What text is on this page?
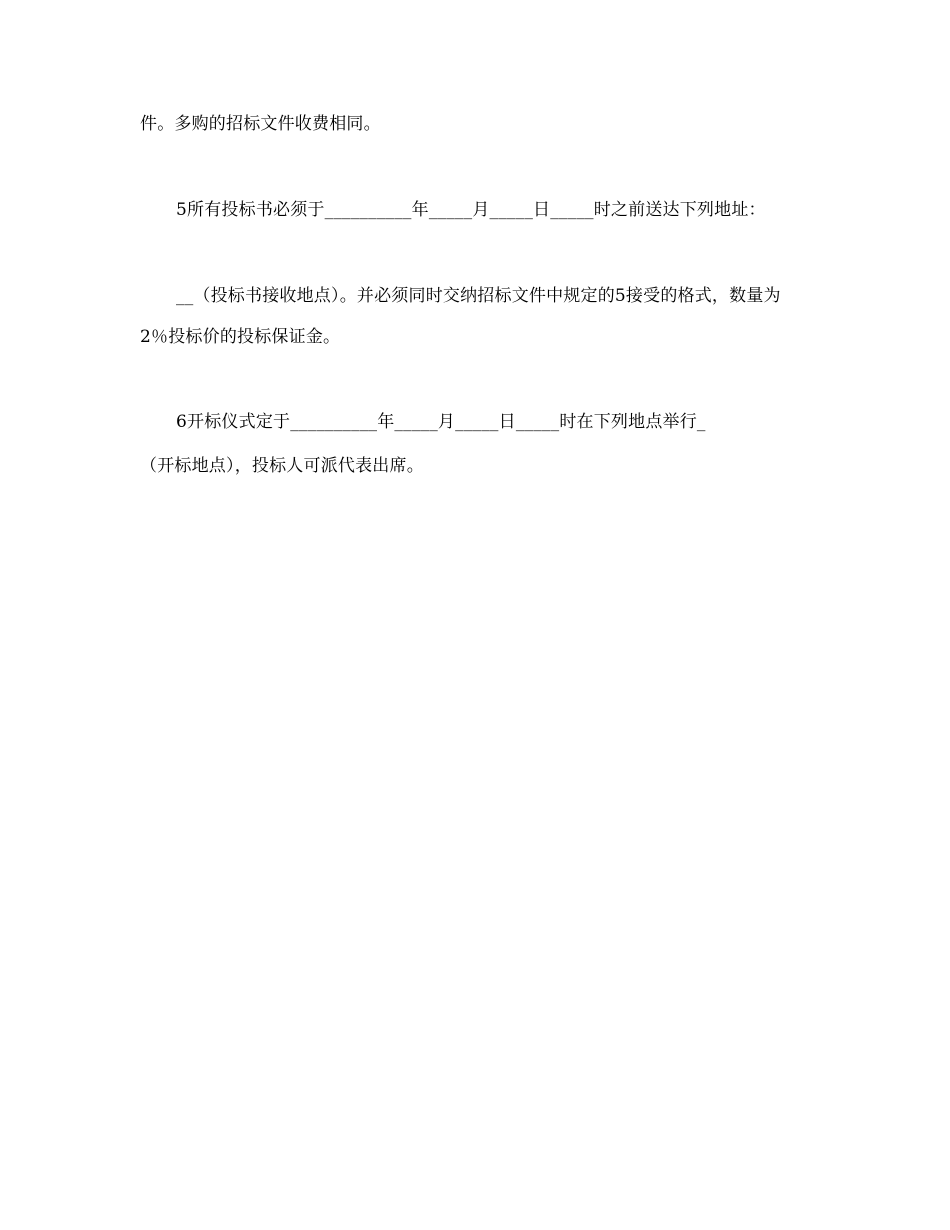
件。多购的招标文件收费相同。
5所有投标书必须于__________年_____月_____日_____时之前送达下列地址：
__（投标书接收地点）。并必须同时交纳招标文件中规定的5接受的格式，数量为
2％投标价的投标保证金。
6开标仪式定于__________年_____月_____日_____时在下列地点举行_
（开标地点），投标人可派代表出席。
